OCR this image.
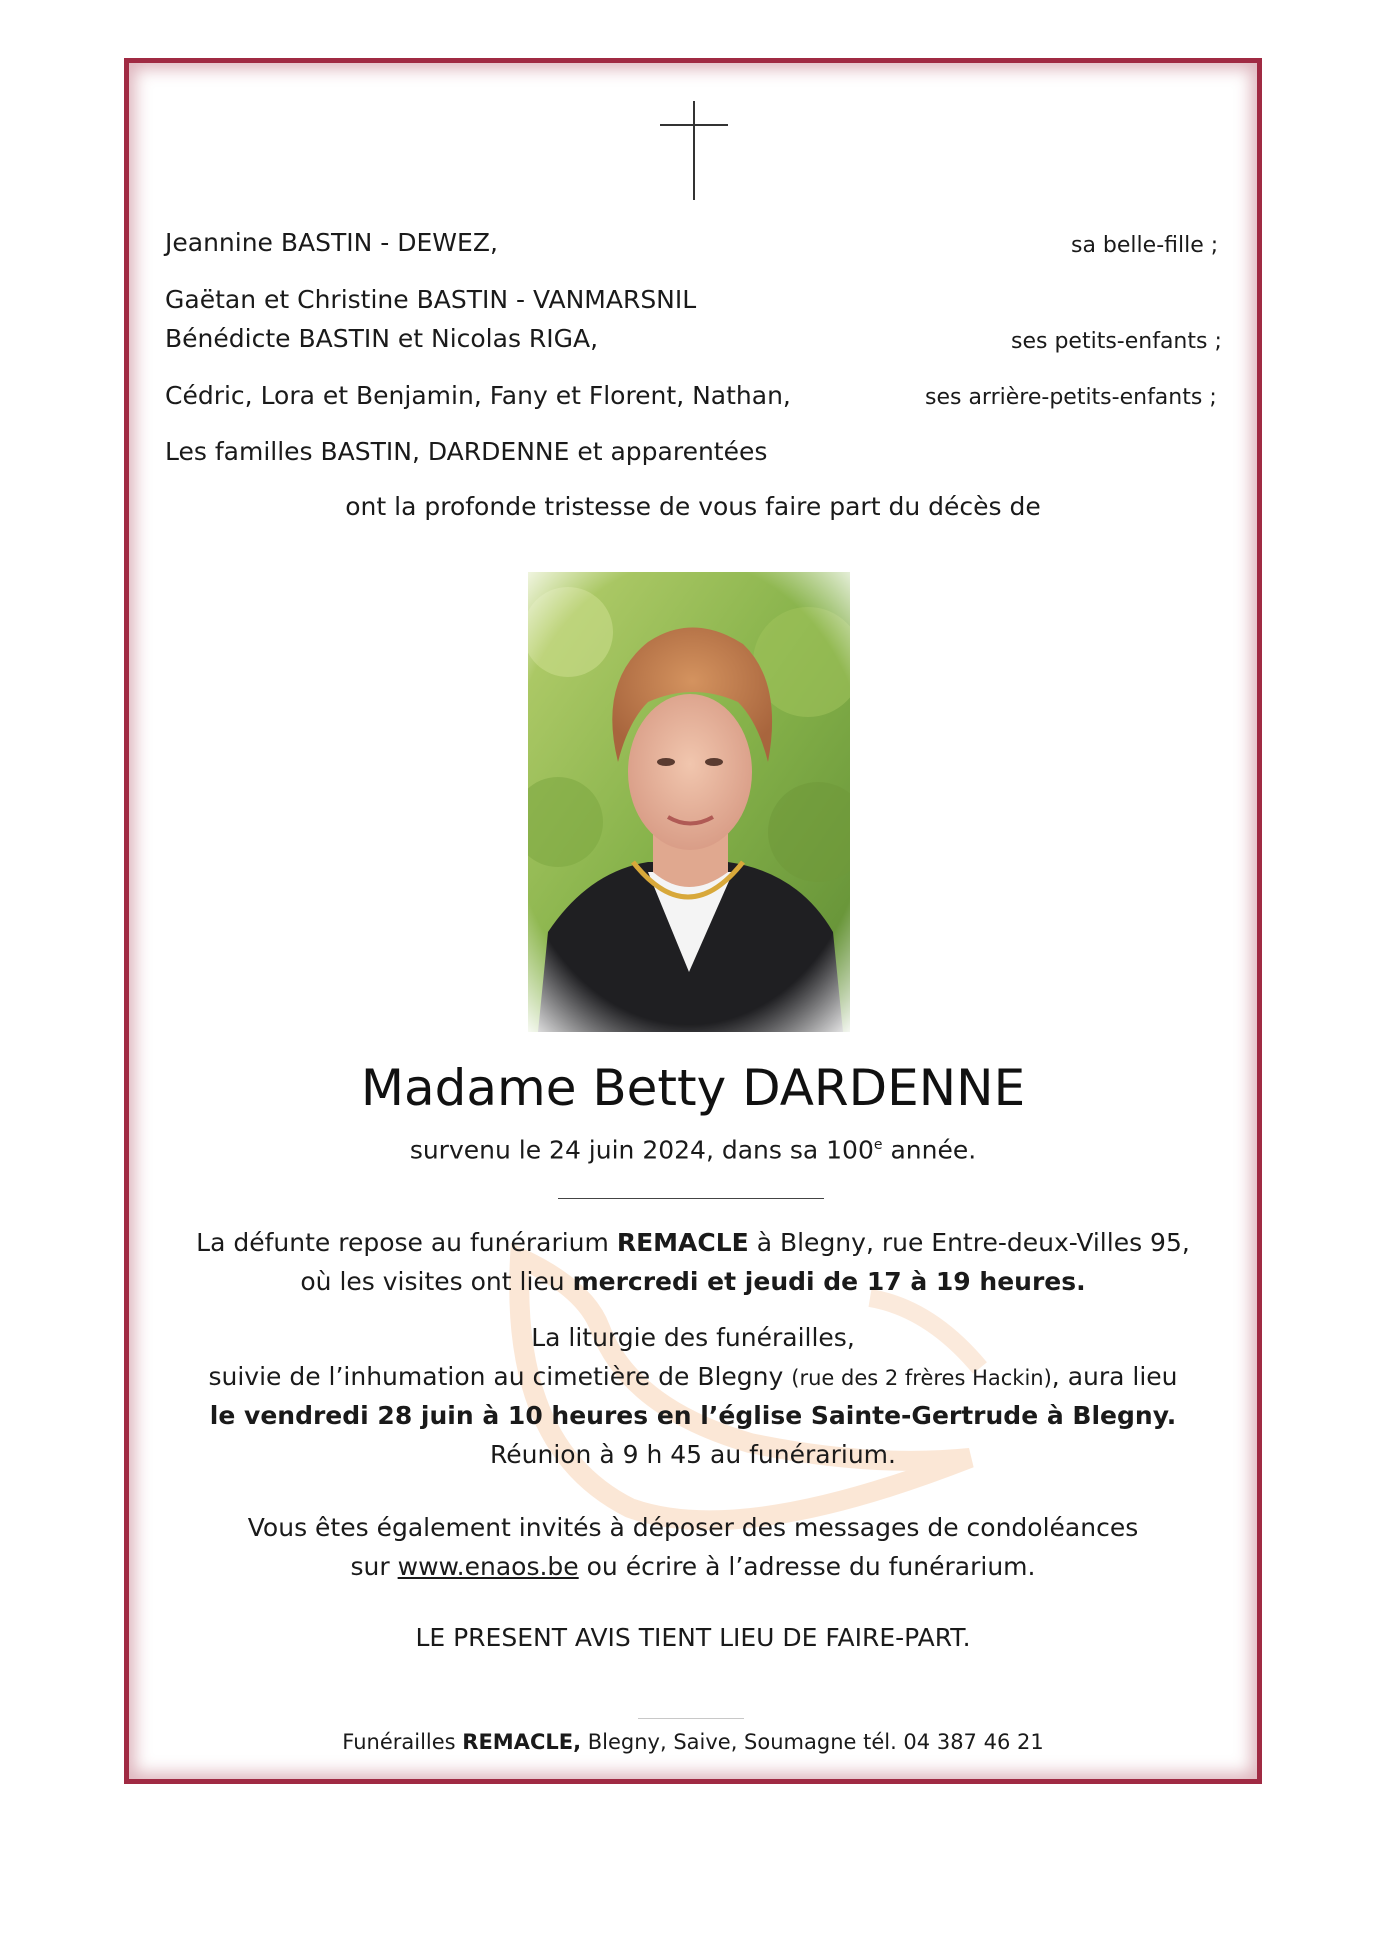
Jeannine BASTIN - DEWEZ,	sa belle-fille ;
Gaëtan et Christine BASTIN - VANMARSNIL
Bénédicte BASTIN et Nicolas RIGA,	ses petits-enfants ;
Cédric, Lora et Benjamin, Fany et Florent, Nathan,	ses arrière-petits-enfants ;
Les familles BASTIN, DARDENNE et apparentées
ont la profonde tristesse de vous faire part du décès de
Madame Betty DARDENNE
survenu le 24 juin 2024, dans sa 100e année.
La défunte repose au funérarium REMACLE à Blegny, rue Entre-deux-Villes 95,
où les visites ont lieu mercredi et jeudi de 17 à 19 heures.
La liturgie des funérailles,
suivie de l’inhumation au cimetière de Blegny (rue des 2 frères Hackin), aura lieu
le vendredi 28 juin à 10 heures en l’église Sainte-Gertrude à Blegny.
Réunion à 9 h 45 au funérarium.
Vous êtes également invités à déposer des messages de condoléances
sur www.enaos.be ou écrire à l’adresse du funérarium.
LE PRESENT AVIS TIENT LIEU DE FAIRE-PART.
Funérailles REMACLE, Blegny, Saive, Soumagne tél. 04 387 46 21
